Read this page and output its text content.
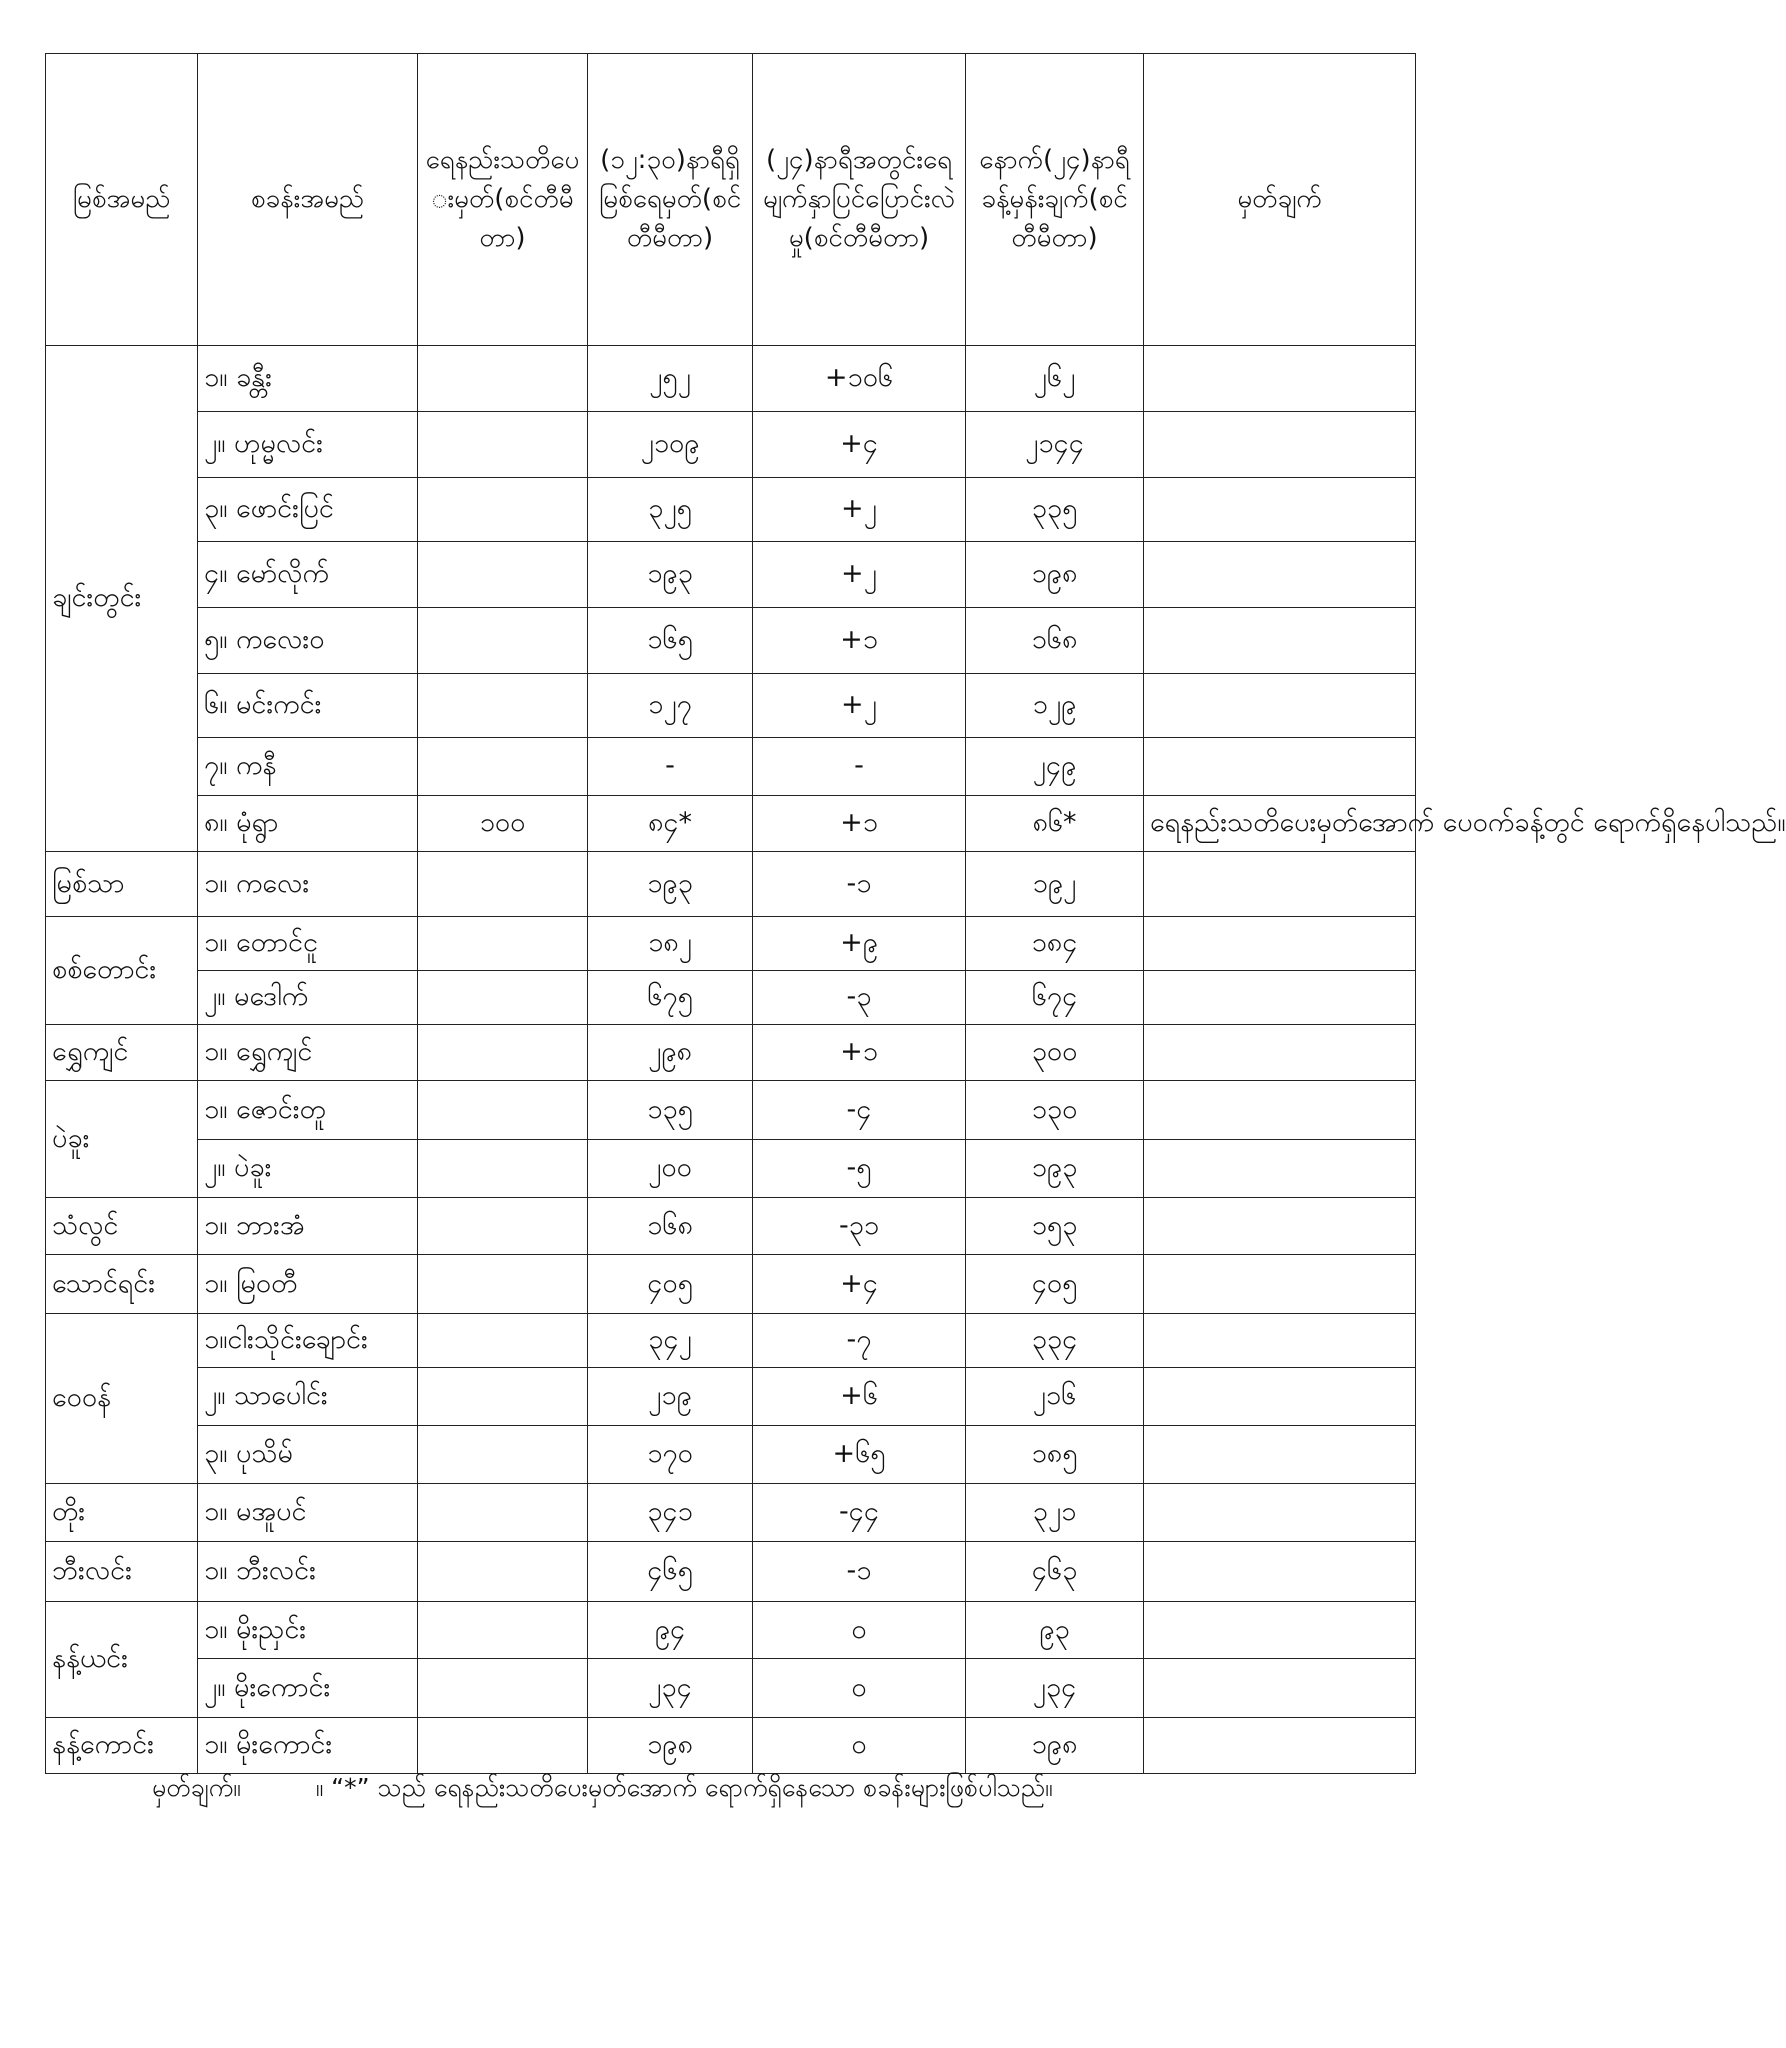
မြစ်အမည်	စခန်းအမည်	ရေနည်းသတိပေးမှတ်(စင်တီမီတာ)	(၁၂:၃၀)နာရီရှိမြစ်ရေမှတ်(စင်တီမီတာ)	(၂၄)နာရီအတွင်းရေမျက်နှာပြင်ပြောင်းလဲမှု(စင်တီမီတာ)	နောက်(၂၄)နာရီခန့်မှန်းချက်(စင်တီမီတာ)	မှတ်ချက်
ချင်းတွင်း	၁။ ခန္တီး		၂၅၂	+၁၀၆	၂၆၂	
	၂။ ဟုမ္မလင်း		၂၁၀၉	+၄	၂၁၄၄	
	၃။ ဖောင်းပြင်		၃၂၅	+၂	၃၃၅	
	၄။ မော်လိုက်		၁၉၃	+၂	၁၉၈	
	၅။ ကလေးဝ		၁၆၅	+၁	၁၆၈	
	၆။ မင်းကင်း		၁၂၇	+၂	၁၂၉	
	၇။ ကနီ		-	-	၂၄၉	
	၈။ မုံရွာ	၁၀၀	၈၄*	+၁	၈၆*	ရေနည်းသတိပေးမှတ်အောက် ပေ၀က်ခန့်တွင် ရောက်ရှိနေပါသည်။
မြစ်သာ	၁။ ကလေး		၁၉၃	-၁	၁၉၂	
စစ်တောင်း	၁။ တောင်ငူ		၁၈၂	+၉	၁၈၄	
	၂။ မဒေါက်		၆၇၅	-၃	၆၇၄	
ရွှေကျင်	၁။ ရွှေကျင်		၂၉၈	+၁	၃၀၀	
ပဲခူး	၁။ ဇောင်းတူ		၁၃၅	-၄	၁၃၀	
	၂။ ပဲခူး		၂၀၀	-၅	၁၉၃	
သံလွင်	၁။ ဘားအံ		၁၆၈	-၃၁	၁၅၃	
သောင်ရင်း	၁။ မြဝတီ		၄၀၅	+၄	၄၀၅	
ဝေ၀န်	၁။ငါးသိုင်းချောင်း		၃၄၂	-၇	၃၃၄	
	၂။ သာပေါင်း		၂၁၉	+၆	၂၁၆	
	၃။ ပုသိမ်		၁၇၀	+၆၅	၁၈၅	
တိုး	၁။ မအူပင်		၃၄၁	-၄၄	၃၂၁	
ဘီးလင်း	၁။ ဘီးလင်း		၄၆၅	-၁	၄၆၃	
နန့်ယင်း	၁။ မိုးညှင်း		၉၄	၀	၉၃	
	၂။ မိုးကောင်း		၂၃၄	၀	၂၃၄	
နန့်ကောင်း	၁။ မိုးကောင်း		၁၉၈	၀	၁၉၈	
မှတ်ချက်။	။ “*” သည် ရေနည်းသတိပေးမှတ်အောက် ရောက်ရှိနေသော စခန်းများဖြစ်ပါသည်။
